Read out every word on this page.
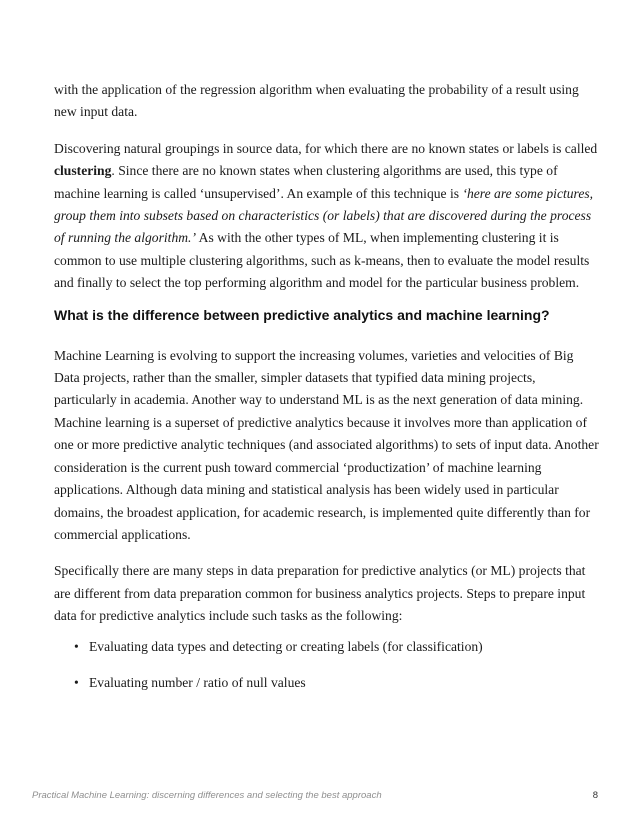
with the application of the regression algorithm when evaluating the probability of a result using new input data.

Discovering natural groupings in source data, for which there are no known states or labels is called clustering. Since there are no known states when clustering algorithms are used, this type of machine learning is called ‘unsupervised’. An example of this technique is ‘here are some pictures, group them into subsets based on characteristics (or labels) that are discovered during the process of running the algorithm.’ As with the other types of ML, when implementing clustering it is common to use multiple clustering algorithms, such as k-means, then to evaluate the model results and finally to select the top performing algorithm and model for the particular business problem.

What is the difference between predictive analytics and machine learning?

Machine Learning is evolving to support the increasing volumes, varieties and velocities of Big Data projects, rather than the smaller, simpler datasets that typified data mining projects, particularly in academia. Another way to understand ML is as the next generation of data mining. Machine learning is a superset of predictive analytics because it involves more than application of one or more predictive analytic techniques (and associated algorithms) to sets of input data. Another consideration is the current push toward commercial ‘productization’ of machine learning applications. Although data mining and statistical analysis has been widely used in particular domains, the broadest application, for academic research, is implemented quite differently than for commercial applications.

Specifically there are many steps in data preparation for predictive analytics (or ML) projects that are different from data preparation common for business analytics projects. Steps to prepare input data for predictive analytics include such tasks as the following:

• Evaluating data types and detecting or creating labels (for classification)
• Evaluating number / ratio of null values
Practical Machine Learning: discerning differences and selecting the best approach	8
